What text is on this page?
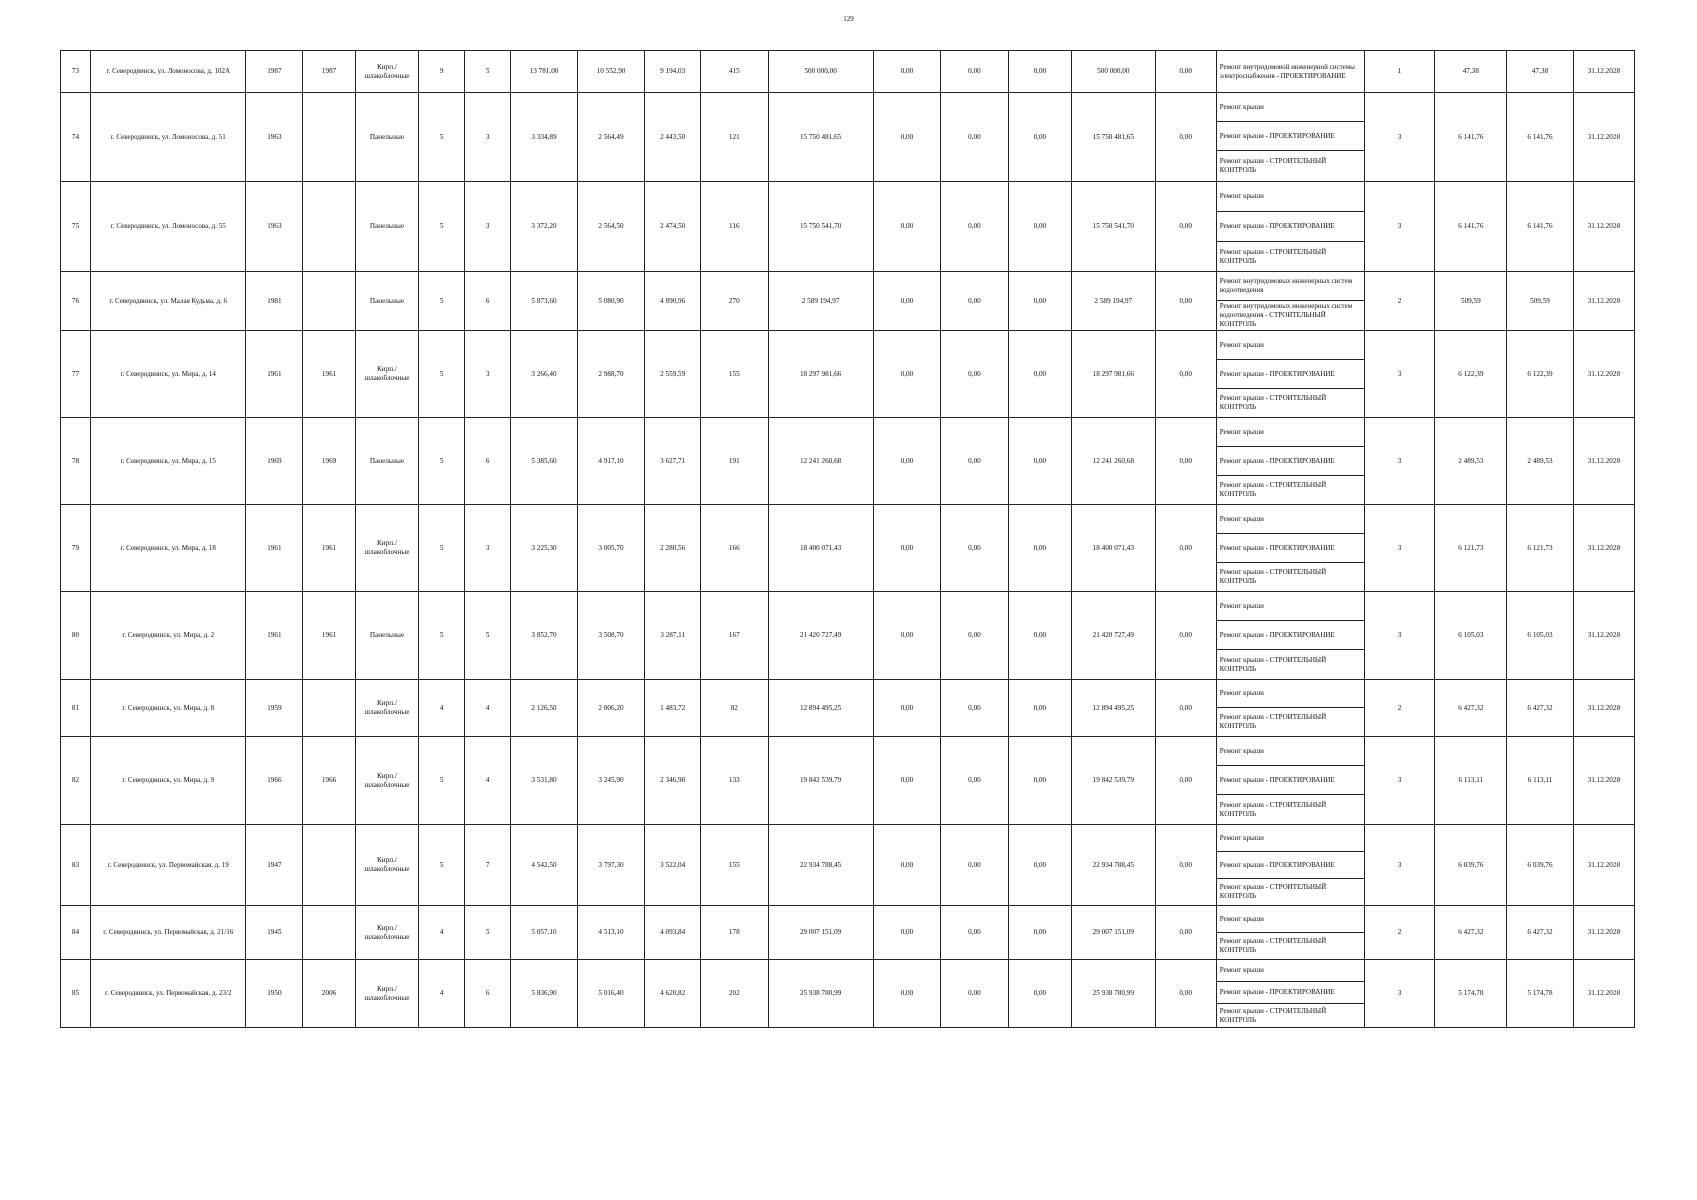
129
73	г. Северодвинск, ул. Ломоносова, д. 102А	1987	1987	Кирп./ шлакоблочные	9	5	13 781,00	10 552,90	9 194,03	415	500 000,00	0,00	0,00	0,00	500 000,00	0,00	Ремонт внутридомовой инженерной системы электроснабжения - ПРОЕКТИРОВАНИЕ	1	47,38	47,38	31.12.2028
74	г. Северодвинск, ул. Ломоносова, д. 51	1963		Панельные	5	3	3 334,89	2 564,49	2 443,50	121	15 750 481,65	0,00	0,00	0,00	15 750 481,65	0,00	Ремонт крыши	3	6 141,76	6 141,76	31.12.2028
																	Ремонт крыши - ПРОЕКТИРОВАНИЕ				
																	Ремонт крыши - СТРОИТЕЛЬНЫЙ КОНТРОЛЬ				
75	г. Северодвинск, ул. Ломоносова, д. 55	1963		Панельные	5	3	3 372,20	2 564,50	2 474,50	116	15 750 541,70	0,00	0,00	0,00	15 750 541,70	0,00	Ремонт крыши	3	6 141,76	6 141,76	31.12.2028
																	Ремонт крыши - ПРОЕКТИРОВАНИЕ				
																	Ремонт крыши - СТРОИТЕЛЬНЫЙ КОНТРОЛЬ				
76	г. Северодвинск, ул. Малая Кудьма, д. 6	1981		Панельные	5	6	5 873,60	5 080,90	4 890,96	270	2 589 194,97	0,00	0,00	0,00	2 589 194,97	0,00	Ремонт внутридомовых инженерных систем водоотведения	2	509,59	509,59	31.12.2028
																	Ремонт внутридомовых инженерных систем водоотведения - СТРОИТЕЛЬНЫЙ КОНТРОЛЬ				
77	г. Северодвинск, ул. Мира, д. 14	1961	1961	Кирп./ шлакоблочные	5	3	3 266,40	2 988,70	2 559,59	155	18 297 981,66	0,00	0,00	0,00	18 297 981,66	0,00	Ремонт крыши	3	6 122,39	6 122,39	31.12.2028
																	Ремонт крыши - ПРОЕКТИРОВАНИЕ				
																	Ремонт крыши - СТРОИТЕЛЬНЫЙ КОНТРОЛЬ				
78	г. Северодвинск, ул. Мира, д. 15	1969	1969	Панельные	5	6	5 385,60	4 917,10	3 627,71	191	12 241 260,68	0,00	0,00	0,00	12 241 260,68	0,00	Ремонт крыши	3	2 489,53	2 489,53	31.12.2028
																	Ремонт крыши - ПРОЕКТИРОВАНИЕ				
																	Ремонт крыши - СТРОИТЕЛЬНЫЙ КОНТРОЛЬ				
79	г. Северодвинск, ул. Мира, д. 18	1961	1961	Кирп./ шлакоблочные	5	3	3 225,30	3 005,70	2 280,56	166	18 400 071,43	0,00	0,00	0,00	18 400 071,43	0,00	Ремонт крыши	3	6 121,73	6 121,73	31.12.2028
																	Ремонт крыши - ПРОЕКТИРОВАНИЕ				
																	Ремонт крыши - СТРОИТЕЛЬНЫЙ КОНТРОЛЬ				
80	г. Северодвинск, ул. Мира, д. 2	1961	1961	Панельные	5	5	3 852,70	3 508,70	3 287,11	167	21 420 727,49	0,00	0,00	0,00	21 420 727,49	0,00	Ремонт крыши	3	6 105,03	6 105,03	31.12.2028
																	Ремонт крыши - ПРОЕКТИРОВАНИЕ				
																	Ремонт крыши - СТРОИТЕЛЬНЫЙ КОНТРОЛЬ				
81	г. Северодвинск, ул. Мира, д. 8	1959		Кирп./ шлакоблочные	4	4	2 126,50	2 006,20	1 483,72	82	12 894 495,25	0,00	0,00	0,00	12 894 495,25	0,00	Ремонт крыши	2	6 427,32	6 427,32	31.12.2028
																	Ремонт крыши - СТРОИТЕЛЬНЫЙ КОНТРОЛЬ				
82	г. Северодвинск, ул. Мира, д. 9	1966	1966	Кирп./ шлакоблочные	5	4	3 531,80	3 245,90	2 346,90	133	19 842 539,79	0,00	0,00	0,00	19 842 539,79	0,00	Ремонт крыши	3	6 113,11	6 113,11	31.12.2028
																	Ремонт крыши - ПРОЕКТИРОВАНИЕ				
																	Ремонт крыши - СТРОИТЕЛЬНЫЙ КОНТРОЛЬ				
83	г. Северодвинск, ул. Первомайская, д. 19	1947		Кирп./ шлакоблочные	5	7	4 542,50	3 797,30	3 522,04	155	22 934 788,45	0,00	0,00	0,00	22 934 788,45	0,00	Ремонт крыши	3	6 039,76	6 039,76	31.12.2028
																	Ремонт крыши - ПРОЕКТИРОВАНИЕ				
																	Ремонт крыши - СТРОИТЕЛЬНЫЙ КОНТРОЛЬ				
84	г. Северодвинск, ул. Первомайская, д. 21/16	1945		Кирп./ шлакоблочные	4	5	5 057,10	4 513,10	4 093,84	178	29 007 151,09	0,00	0,00	0,00	29 007 151,09	0,00	Ремонт крыши	2	6 427,32	6 427,32	31.12.2028
																	Ремонт крыши - СТРОИТЕЛЬНЫЙ КОНТРОЛЬ				
85	г. Северодвинск, ул. Первомайская, д. 23/2	1950	2006	Кирп./ шлакоблочные	4	6	5 836,90	5 016,40	4 620,82	202	25 938 780,99	0,00	0,00	0,00	25 938 780,99	0,00	Ремонт крыши	3	5 174,78	5 174,78	31.12.2028
																	Ремонт крыши - ПРОЕКТИРОВАНИЕ				
																	Ремонт крыши - СТРОИТЕЛЬНЫЙ КОНТРОЛЬ				
